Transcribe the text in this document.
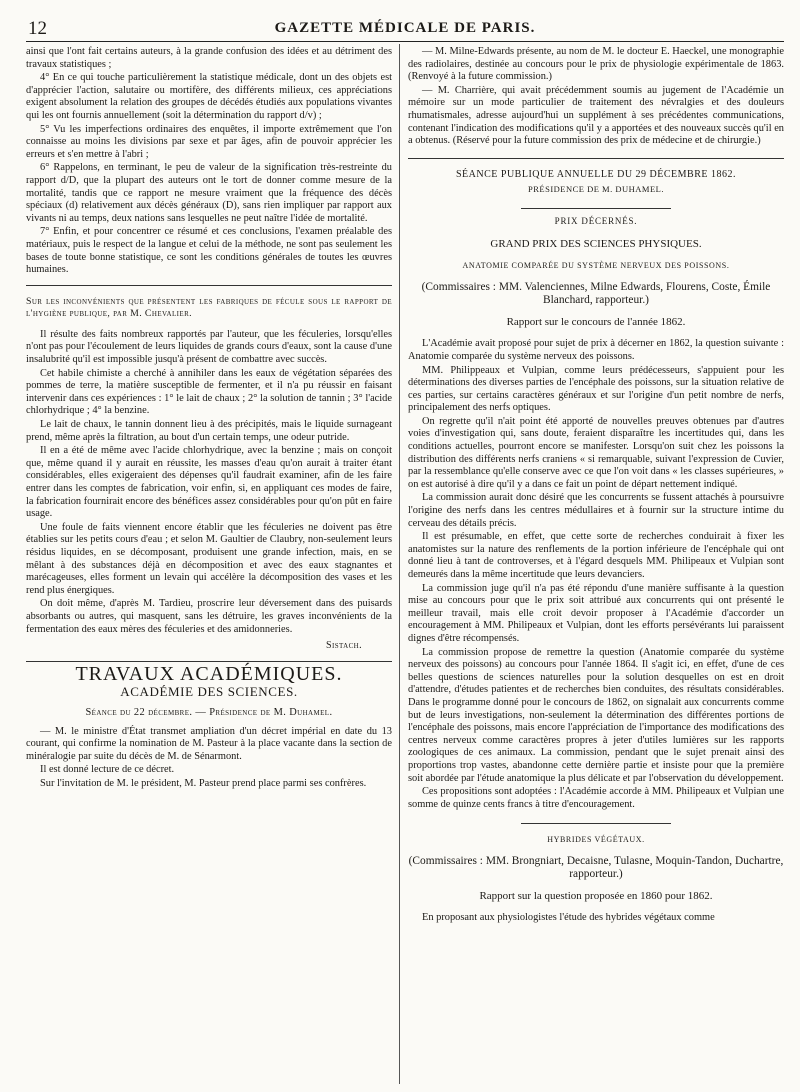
12	GAZETTE MÉDICALE DE PARIS.

ainsi que l'ont fait certains auteurs, à la grande confusion des idées et au détriment des travaux statistiques ;

4° En ce qui touche particulièrement la statistique médicale, dont un des objets est d'apprécier l'action, salutaire ou mortifère, des différents milieux, ces appréciations exigent absolument la relation des groupes de décédés étudiés aux populations vivantes qui les ont fournis annuellement (soit la détermination du rapport d/v) ;

5° Vu les imperfections ordinaires des enquêtes, il importe extrêmement que l'on connaisse au moins les divisions par sexe et par âges, afin de pouvoir apprécier les erreurs et s'en mettre à l'abri ;

6° Rappelons, en terminant, le peu de valeur de la signification très-restreinte du rapport d/D, que la plupart des auteurs ont le tort de donner comme mesure de la mortalité, tandis que ce rapport ne mesure vraiment que la fréquence des décès spéciaux (d) relativement aux décès généraux (D), sans rien impliquer par rapport aux vivants ni au temps, deux nations sans lesquelles ne peut naître l'idée de mortalité.

7° Enfin, et pour concentrer ce résumé et ces conclusions, l'examen préalable des matériaux, puis le respect de la langue et celui de la méthode, ne sont pas seulement les bases de toute bonne statistique, ce sont les conditions générales de toutes les œuvres humaines.

Sur les inconvénients que présentent les fabriques de fécule sous le rapport de l'hygiène publique, par M. Chevalier.

Il résulte des faits nombreux rapportés par l'auteur, que les féculeries, lorsqu'elles n'ont pas pour l'écoulement de leurs liquides de grands cours d'eaux, sont la cause d'une insalubrité qu'il est impossible jusqu'à présent de combattre avec succès.

Cet habile chimiste a cherché à annihiler dans les eaux de végétation séparées des pommes de terre, la matière susceptible de fermenter, et il n'a pu réussir en faisant intervenir dans ces expériences : 1° le lait de chaux ; 2° la solution de tannin ; 3° l'acide chlorhydrique ; 4° la benzine.

Le lait de chaux, le tannin donnent lieu à des précipités, mais le liquide surnageant prend, même après la filtration, au bout d'un certain temps, une odeur putride.

Il en a été de même avec l'acide chlorhydrique, avec la benzine ; mais on conçoit que, même quand il y aurait en réussite, les masses d'eau qu'on aurait à traiter étant considérables, elles exigeraient des dépenses qu'il faudrait examiner, afin de les faire entrer dans les comptes de fabrication, voir enfin, si, en appliquant ces modes de faire, la fabrication fournirait encore des bénéfices assez considérables pour qu'on pût en faire usage.

Une foule de faits viennent encore établir que les féculeries ne doivent pas être établies sur les petits cours d'eau ; et selon M. Gaultier de Claubry, non-seulement leurs résidus liquides, en se décomposant, produisent une grande infection, mais, en se mêlant à des substances déjà en décomposition et avec des eaux stagnantes et marécageuses, elles forment un levain qui accélère la décomposition des vases et les rend plus énergiques.

On doit même, d'après M. Tardieu, proscrire leur déversement dans des puisards absorbants ou autres, qui masquent, sans les détruire, les graves inconvénients de la fermentation des eaux mères des féculeries et des amidonneries.

Sistach.

TRAVAUX ACADÉMIQUES.
ACADÉMIE DES SCIENCES.

Séance du 22 décembre. — Présidence de M. Duhamel.

— M. le ministre d'État transmet ampliation d'un décret impérial en date du 13 courant, qui confirme la nomination de M. Pasteur à la place vacante dans la section de minéralogie par suite du décès de M. de Sénarmont.

Il est donné lecture de ce décret.

Sur l'invitation de M. le président, M. Pasteur prend place parmi ses confrères.

— M. Milne-Edwards présente, au nom de M. le docteur E. Haeckel, une monographie des radiolaires, destinée au concours pour le prix de physiologie expérimentale de 1863. (Renvoyé à la future commission.)

— M. Charrière, qui avait précédemment soumis au jugement de l'Académie un mémoire sur un mode particulier de traitement des névralgies et des douleurs rhumatismales, adresse aujourd'hui un supplément à ses précédentes communications, contenant l'indication des modifications qu'il y a apportées et des nouveaux succès qu'il en a obtenus. (Réservé pour la future commission des prix de médecine et de chirurgie.)

SÉANCE PUBLIQUE ANNUELLE DU 29 DÉCEMBRE 1862.

PRÉSIDENCE DE M. DUHAMEL.

PRIX DÉCERNÉS.

GRAND PRIX DES SCIENCES PHYSIQUES.

ANATOMIE COMPARÉE DU SYSTÈME NERVEUX DES POISSONS.

(Commissaires : MM. Valenciennes, Milne Edwards, Flourens, Coste, Émile Blanchard, rapporteur.)

Rapport sur le concours de l'année 1862.

L'Académie avait proposé pour sujet de prix à décerner en 1862, la question suivante : Anatomie comparée du système nerveux des poissons.

MM. Philippeaux et Vulpian, comme leurs prédécesseurs, s'appuient pour les déterminations des diverses parties de l'encéphale des poissons, sur la situation relative de ces parties, sur certains caractères généraux et sur l'origine d'un petit nombre de nerfs, principalement des nerfs optiques.

On regrette qu'il n'ait point été apporté de nouvelles preuves obtenues par d'autres voies d'investigation qui, sans doute, feraient disparaître les incertitudes qui, dans les conditions actuelles, pourront encore se manifester. Lorsqu'on suit chez les poissons la distribution des différents nerfs craniens « si remarquable, suivant l'expression de Cuvier, par la ressemblance qu'elle conserve avec ce que l'on voit dans « les classes supérieures, » on est autorisé à dire qu'il y a dans ce fait un point de départ nettement indiqué.

La commission aurait donc désiré que les concurrents se fussent attachés à poursuivre l'origine des nerfs dans les centres médullaires et à fournir sur la structure intime du cerveau des détails précis.

Il est présumable, en effet, que cette sorte de recherches conduirait à fixer les anatomistes sur la nature des renflements de la portion inférieure de l'encéphale qui ont donné lieu à tant de controverses, et à l'égard desquels MM. Philipeaux et Vulpian sont demeurés dans la même incertitude que leurs devanciers.

La commission juge qu'il n'a pas été répondu d'une manière suffisante à la question mise au concours pour que le prix soit attribué aux concurrents qui ont présenté le meilleur travail, mais elle croit devoir proposer à l'Académie d'accorder un encouragement à MM. Philipeaux et Vulpian, dont les efforts persévérants lui paraissent dignes d'être récompensés.

La commission propose de remettre la question (Anatomie comparée du système nerveux des poissons) au concours pour l'année 1864. Il s'agit ici, en effet, d'une de ces belles questions de sciences naturelles pour la solution desquelles on est en droit d'attendre, d'études patientes et de recherches bien conduites, des résultats considérables. Dans le programme donné pour le concours de 1862, on signalait aux concurrents comme but de leurs investigations, non-seulement la détermination des différentes portions de l'encéphale des poissons, mais encore l'appréciation de l'importance des modifications des centres nerveux comme caractères propres à jeter d'utiles lumières sur les rapports zoologiques de ces animaux. La commission, pendant que le sujet prenait ainsi des proportions trop vastes, abandonne cette dernière partie et insiste pour que la première soit abordée par l'étude anatomique la plus délicate et par l'observation du développement.

Ces propositions sont adoptées : l'Académie accorde à MM. Philipeaux et Vulpian une somme de quinze cents francs à titre d'encouragement.

HYBRIDES VÉGÉTAUX.

(Commissaires : MM. Brongniart, Decaisne, Tulasne, Moquin-Tandon, Duchartre, rapporteur.)

Rapport sur la question proposée en 1860 pour 1862.

En proposant aux physiologistes l'étude des hybrides végétaux comme
